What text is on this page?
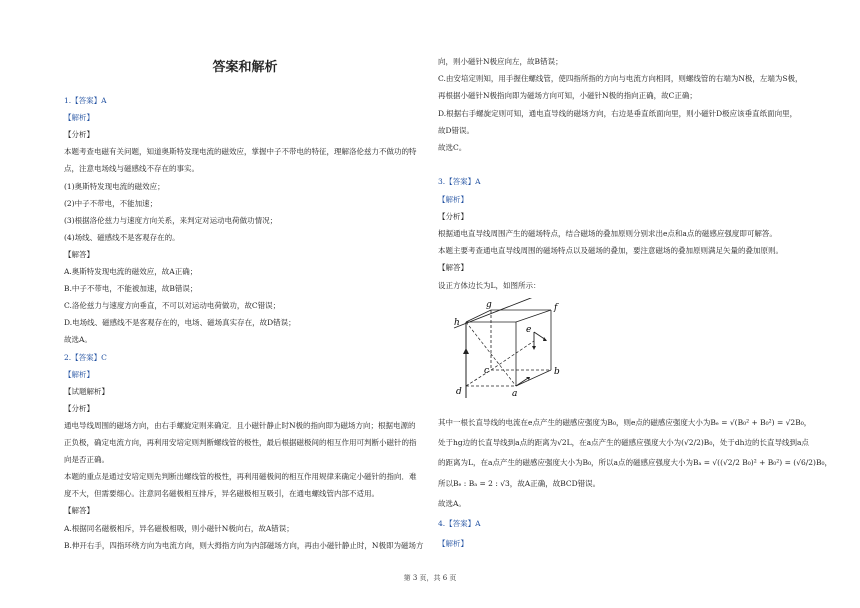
答案和解析
1.【答案】A
【解析】
【分析】
本题考查电磁有关问题，知道奥斯特发现电流的磁效应，掌握中子不带电的特征，理解洛伦兹力不做功的特
点，注意电场线与磁感线不存在的事实。
(1)奥斯特发现电流的磁效应；
(2)中子不带电，不能加速；
(3)根据洛伦兹力与速度方向关系，来判定对运动电荷做功情况；
(4)场线、磁感线不是客观存在的。
【解答】
A.奥斯特发现电流的磁效应，故A正确；
B.中子不带电，不能被加速，故B错误；
C.洛伦兹力与速度方向垂直，不可以对运动电荷做功，故C错误；
D.电场线、磁感线不是客观存在的，电场、磁场真实存在，故D错误；
故选A。
2.【答案】C
【解析】
【试题解析】
【分析】
通电导线周围的磁场方向，由右手螺旋定则来确定．且小磁针静止时N极的指向即为磁场方向；根据电源的
正负极，确定电流方向，再利用安培定则判断螺线管的极性，最后根据磁极间的相互作用可判断小磁针的指
向是否正确。
本题的重点是通过安培定则先判断出螺线管的极性，再利用磁极间的相互作用规律来确定小磁针的指向．难
度不大，但需要细心。注意同名磁极相互排斥，异名磁极相互吸引，在通电螺线管内部不适用。
【解答】
A.根据同名磁极相斥，异名磁极相吸，则小磁针N极向右，故A错误；
B.伸开右手，四指环绕方向为电流方向，则大拇指方向为内部磁场方向，再由小磁针静止时，N极即为磁场方
向，则小磁针N极应向左，故B错误；
C.由安培定则知，用手握住螺线管，使四指所指的方向与电流方向相同，则螺线管的右端为N极，左端为S极，
再根据小磁针N极指向即为磁场方向可知，小磁针N极的指向正确，故C正确；
D.根据右手螺旋定则可知，通电直导线的磁场方向，右边是垂直纸面向里，则小磁针D极应该垂直纸面向里，
故D错误。
故选C。
3.【答案】A
【解析】
【分析】
根据通电直导线周围产生的磁场特点，结合磁场的叠加原则分别求出e点和a点的磁感应强度即可解答。
本题主要考查通电直导线周围的磁场特点以及磁场的叠加，要注意磁场的叠加原则满足矢量的叠加原则。
【解答】
设正方体边长为L，如图所示：
g	f
h
e
c	b
a
d
其中一根长直导线的电流在e点产生的磁感应强度为B₀，则e点的磁感应强度大小为Bₑ = √(B₀² + B₀²) = √2B₀，
处于hg边的长直导线到a点的距离为√2L，在a点产生的磁感应强度大小为(√2/2)B₀，处于dh边的长直导线到a点
的距离为L，在a点产生的磁感应强度大小为B₀，所以a点的磁感应强度大小为Bₐ = √((√2/2 B₀)² + B₀²) = (√6/2)B₀，
所以Bₑ : Bₐ = 2 : √3，故A正确，故BCD错误。
故选A。
4.【答案】A
【解析】
第 3 页，共 6 页
